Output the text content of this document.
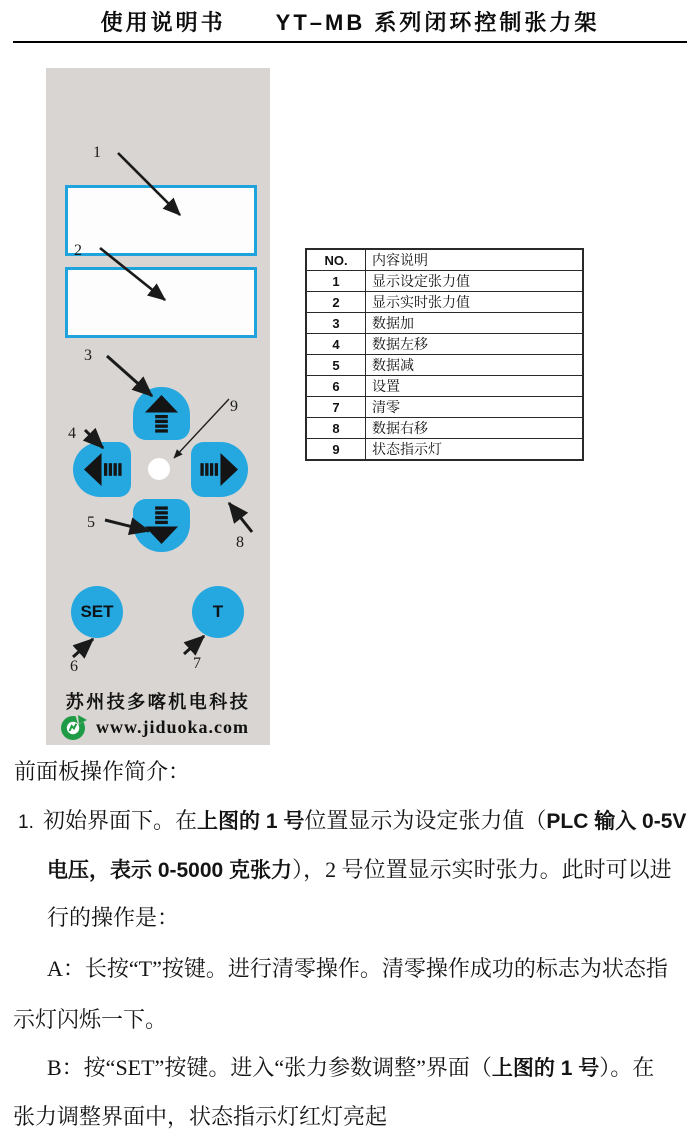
使用说明书　　YT–MB 系列闭环控制张力架
SET	T
1
2
3
4
5
6	7
8
9
苏州技多喀机电科技
www.jiduoka.com
NO.	内容说明
1	显示设定张力值
2	显示实时张力值
3	数据加
4	数据左移
5	数据减
6	设置
7	清零
8	数据右移
9	状态指示灯
前面板操作简介：
1. 初始界面下。在上图的 1 号位置显示为设定张力值（PLC 输入 0-5V
电压，表示 0-5000 克张力），2 号位置显示实时张力。此时可以进
行的操作是：
A：长按“T”按键。进行清零操作。清零操作成功的标志为状态指
示灯闪烁一下。
B：按“SET”按键。进入“张力参数调整”界面（上图的 1 号）。在
张力调整界面中，状态指示灯红灯亮起
